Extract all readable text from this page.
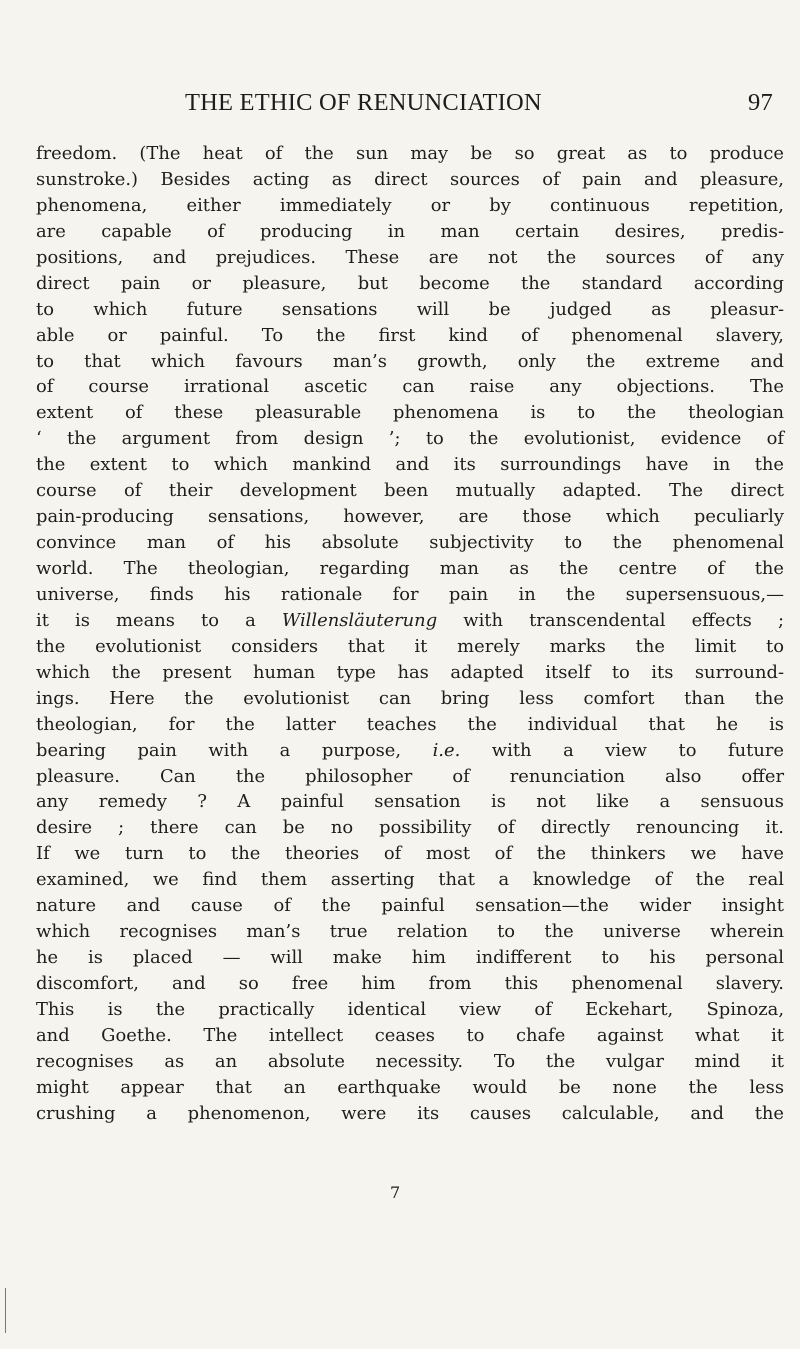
THE ETHIC OF RENUNCIATION	97
freedom. (The heat of the sun may be so great as to produce
sunstroke.) Besides acting as direct sources of pain and pleasure,
phenomena, either immediately or by continuous repetition,
are capable of producing in man certain desires, predis-
positions, and prejudices. These are not the sources of any
direct pain or pleasure, but become the standard according
to which future sensations will be judged as pleasur-
able or painful. To the first kind of phenomenal slavery,
to that which favours man’s growth, only the extreme and
of course irrational ascetic can raise any objections. The
extent of these pleasurable phenomena is to the theologian
‘ the argument from design ’; to the evolutionist, evidence of
the extent to which mankind and its surroundings have in the
course of their development been mutually adapted. The direct
pain-producing sensations, however, are those which peculiarly
convince man of his absolute subjectivity to the phenomenal
world. The theologian, regarding man as the centre of the
universe, finds his rationale for pain in the supersensuous,—
it is means to a Willensläuterung with transcendental effects ;
the evolutionist considers that it merely marks the limit to
which the present human type has adapted itself to its surround-
ings. Here the evolutionist can bring less comfort than the
theologian, for the latter teaches the individual that he is
bearing pain with a purpose, i.e. with a view to future
pleasure. Can the philosopher of renunciation also offer
any remedy ? A painful sensation is not like a sensuous
desire ; there can be no possibility of directly renouncing it.
If we turn to the theories of most of the thinkers we have
examined, we find them asserting that a knowledge of the real
nature and cause of the painful sensation—the wider insight
which recognises man’s true relation to the universe wherein
he is placed — will make him indifferent to his personal
discomfort, and so free him from this phenomenal slavery.
This is the practically identical view of Eckehart, Spinoza,
and Goethe. The intellect ceases to chafe against what it
recognises as an absolute necessity. To the vulgar mind it
might appear that an earthquake would be none the less
crushing a phenomenon, were its causes calculable, and the
7
